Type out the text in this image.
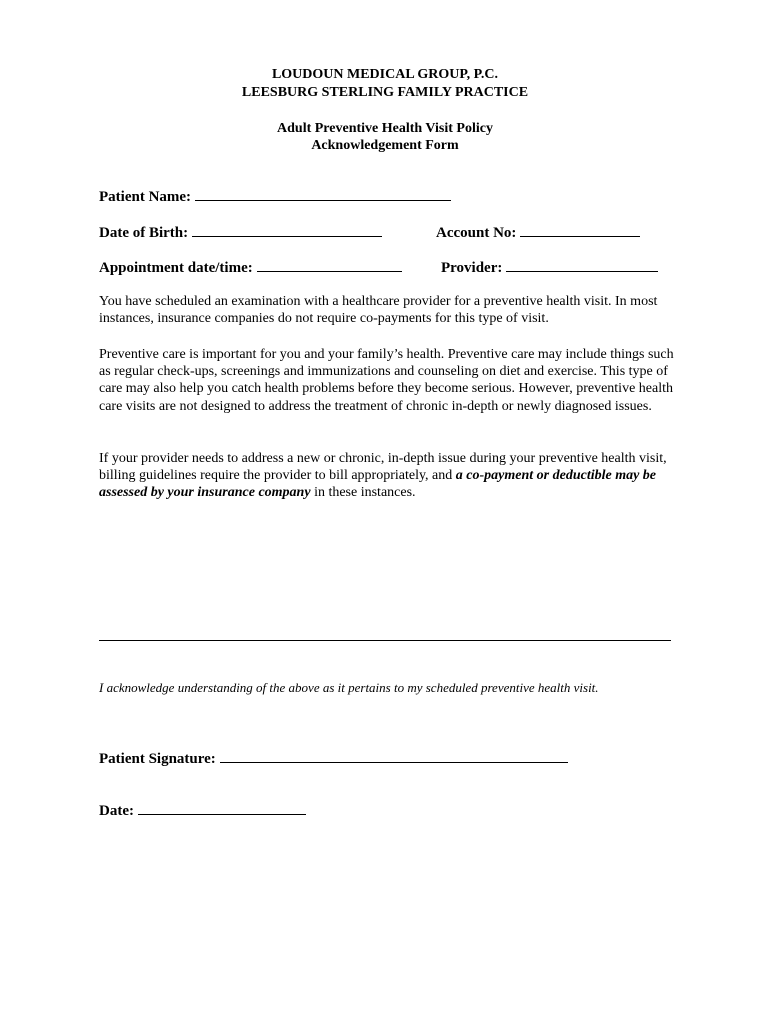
LOUDOUN MEDICAL GROUP, P.C.
LEESBURG STERLING FAMILY PRACTICE
Adult Preventive Health Visit Policy
Acknowledgement Form
Patient Name:
Date of Birth:	Account No:
Appointment date/time:	Provider:

You have scheduled an examination with a healthcare provider for a preventive health visit. In most instances, insurance companies do not require co-payments for this type of visit.

Preventive care is important for you and your family’s health. Preventive care may include things such as regular check-ups, screenings and immunizations and counseling on diet and exercise. This type of care may also help you catch health problems before they become serious. However, preventive health care visits are not designed to address the treatment of chronic in-depth or newly diagnosed issues.

If your provider needs to address a new or chronic, in-depth issue during your preventive health visit, billing guidelines require the provider to bill appropriately, and a co-payment or deductible may be assessed by your insurance company in these instances.

I acknowledge understanding of the above as it pertains to my scheduled preventive health visit.
Patient Signature:
Date:
